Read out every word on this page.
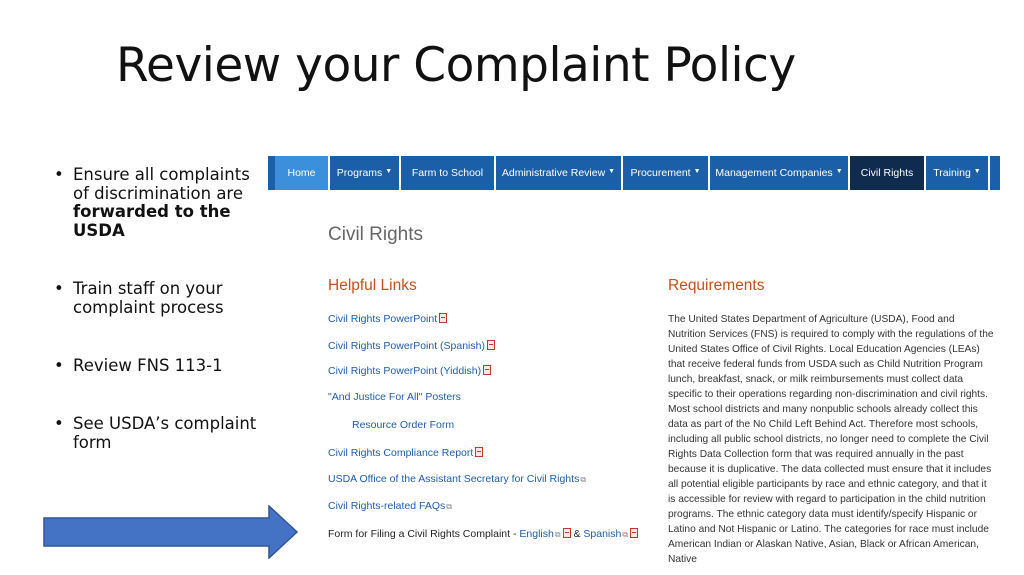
Review your Complaint Policy
• Ensure all complaints of discrimination are forwarded to the USDA
• Train staff on your complaint process
• Review FNS 113-1
• See USDA’s complaint form
Home Programs ▼ Farm to School Administrative Review ▼ Procurement ▼ Management Companies ▼ Civil Rights Training ▼
Civil Rights
Helpful Links	Requirements
Civil Rights PowerPoint
Civil Rights PowerPoint (Spanish)
Civil Rights PowerPoint (Yiddish)
"And Justice For All" Posters
Resource Order Form
Civil Rights Compliance Report
USDA Office of the Assistant Secretary for Civil Rights⧉
Civil Rights-related FAQs⧉
Form for Filing a Civil Rights Complaint - English⧉ & Spanish⧉
The United States Department of Agriculture (USDA), Food and Nutrition Services (FNS) is required to comply with the regulations of the United States Office of Civil Rights. Local Education Agencies (LEAs) that receive federal funds from USDA such as Child Nutrition Program lunch, breakfast, snack, or milk reimbursements must collect data specific to their operations regarding non-discrimination and civil rights. Most school districts and many nonpublic schools already collect this data as part of the No Child Left Behind Act. Therefore most schools, including all public school districts, no longer need to complete the Civil Rights Data Collection form that was required annually in the past because it is duplicative. The data collected must ensure that it includes all potential eligible participants by race and ethnic category, and that it is accessible for review with regard to participation in the child nutrition programs. The ethnic category data must identify/specify Hispanic or Latino and Not Hispanic or Latino. The categories for race must include American Indian or Alaskan Native, Asian, Black or African American, Native
